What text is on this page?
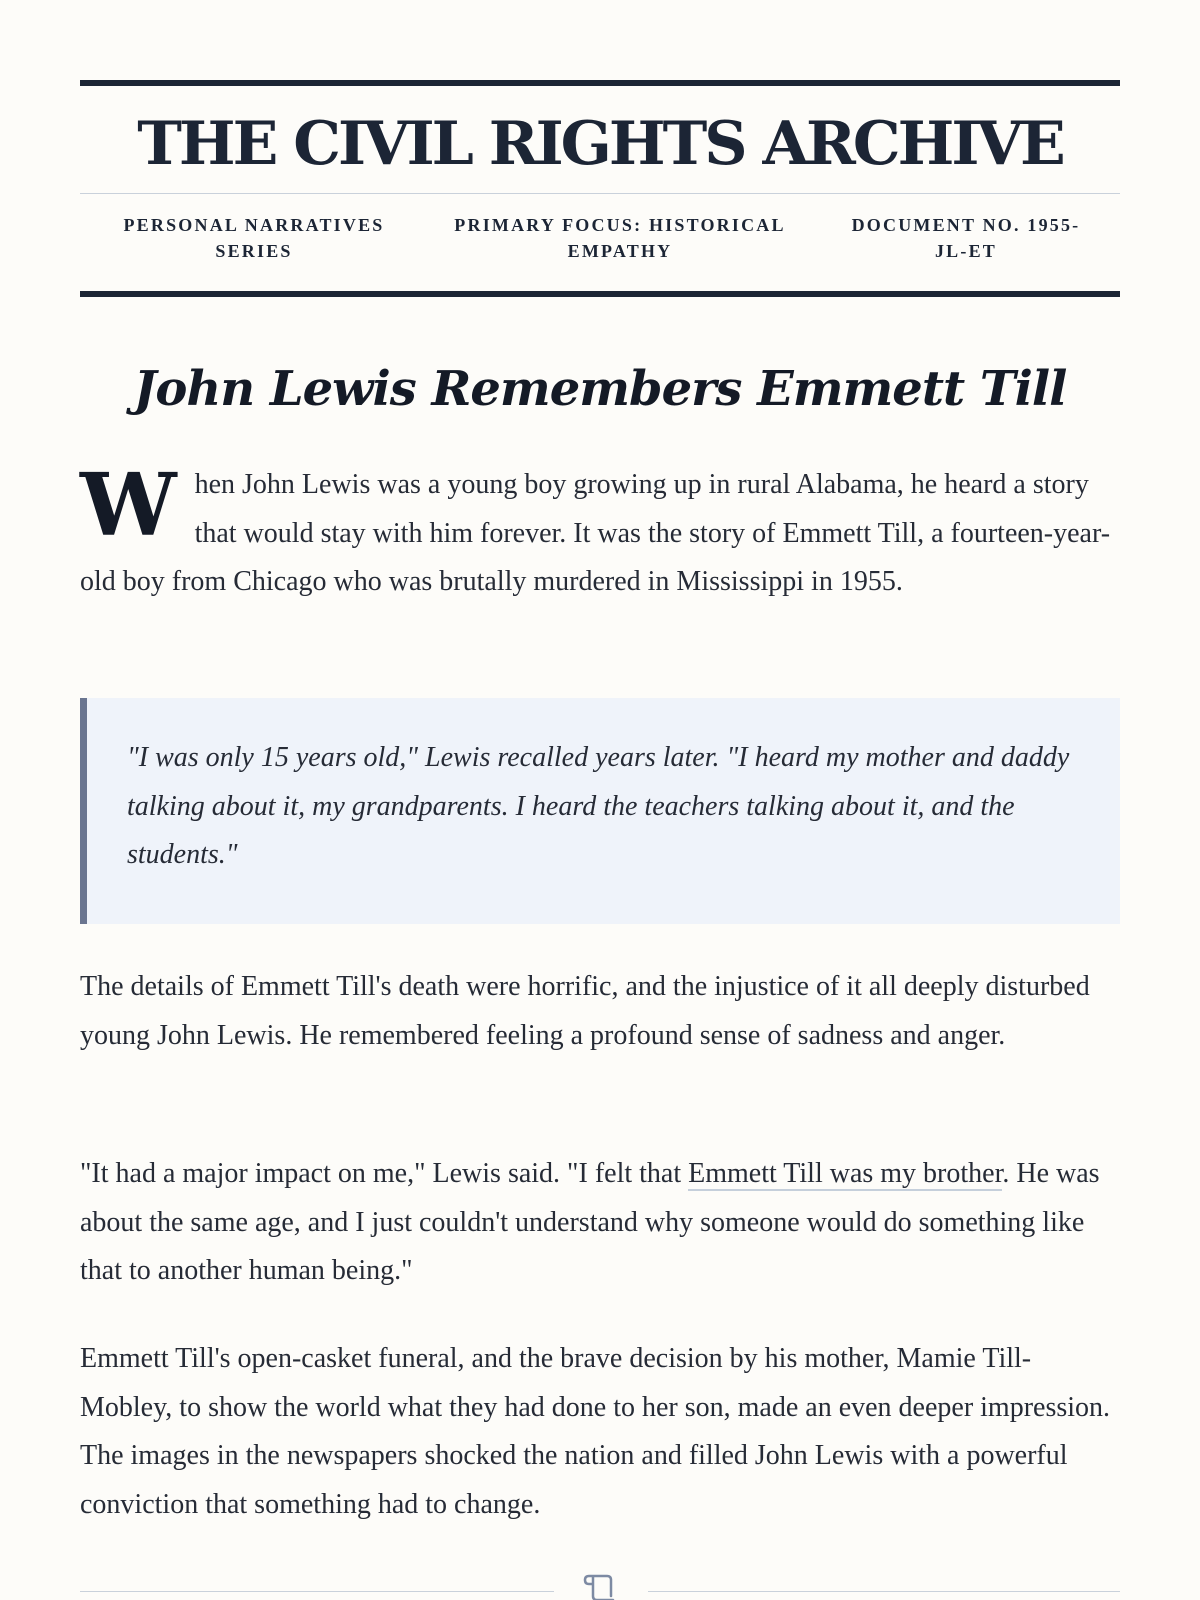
THE CIVIL RIGHTS ARCHIVE
PERSONAL NARRATIVES SERIES
PRIMARY FOCUS: HISTORICAL EMPATHY
DOCUMENT NO. 1955-JL-ET
John Lewis Remembers Emmett Till

When John Lewis was a young boy growing up in rural Alabama, he heard a story that would stay with him forever. It was the story of Emmett Till, a fourteen-year-old boy from Chicago who was brutally murdered in Mississippi in 1955.

"I was only 15 years old," Lewis recalled years later. "I heard my mother and daddy talking about it, my grandparents. I heard the teachers talking about it, and the students."

The details of Emmett Till's death were horrific, and the injustice of it all deeply disturbed young John Lewis. He remembered feeling a profound sense of sadness and anger.

"It had a major impact on me," Lewis said. "I felt that Emmett Till was my brother. He was about the same age, and I just couldn't understand why someone would do something like that to another human being."

Emmett Till's open-casket funeral, and the brave decision by his mother, Mamie Till-Mobley, to show the world what they had done to her son, made an even deeper impression. The images in the newspapers shocked the nation and filled John Lewis with a powerful conviction that something had to change.
